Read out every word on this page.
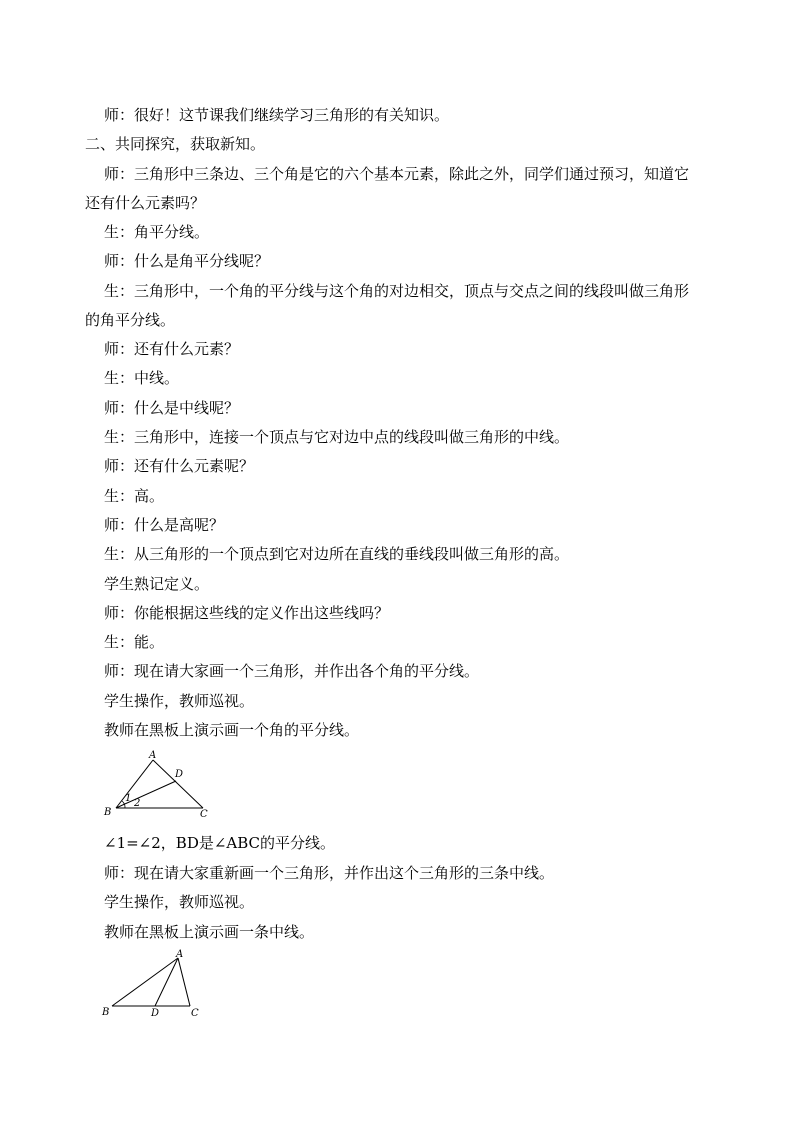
师：很好！这节课我们继续学习三角形的有关知识。
二、共同探究，获取新知。
师：三角形中三条边、三个角是它的六个基本元素，除此之外，同学们通过预习，知道它
还有什么元素吗？
生：角平分线。
师：什么是角平分线呢？
生：三角形中，一个角的平分线与这个角的对边相交，顶点与交点之间的线段叫做三角形
的角平分线。
师：还有什么元素？
生：中线。
师：什么是中线呢？
生：三角形中，连接一个顶点与它对边中点的线段叫做三角形的中线。
师：还有什么元素呢？
生：高。
师：什么是高呢？
生：从三角形的一个顶点到它对边所在直线的垂线段叫做三角形的高。
学生熟记定义。
师：你能根据这些线的定义作出这些线吗？
生：能。
师：现在请大家画一个三角形，并作出各个角的平分线。
学生操作，教师巡视。
教师在黑板上演示画一个角的平分线。
A
B	C
D
1 2
∠1=∠2，BD是∠ABC的平分线。
师：现在请大家重新画一个三角形，并作出这个三角形的三条中线。
学生操作，教师巡视。
教师在黑板上演示画一条中线。
A
B	C
D
